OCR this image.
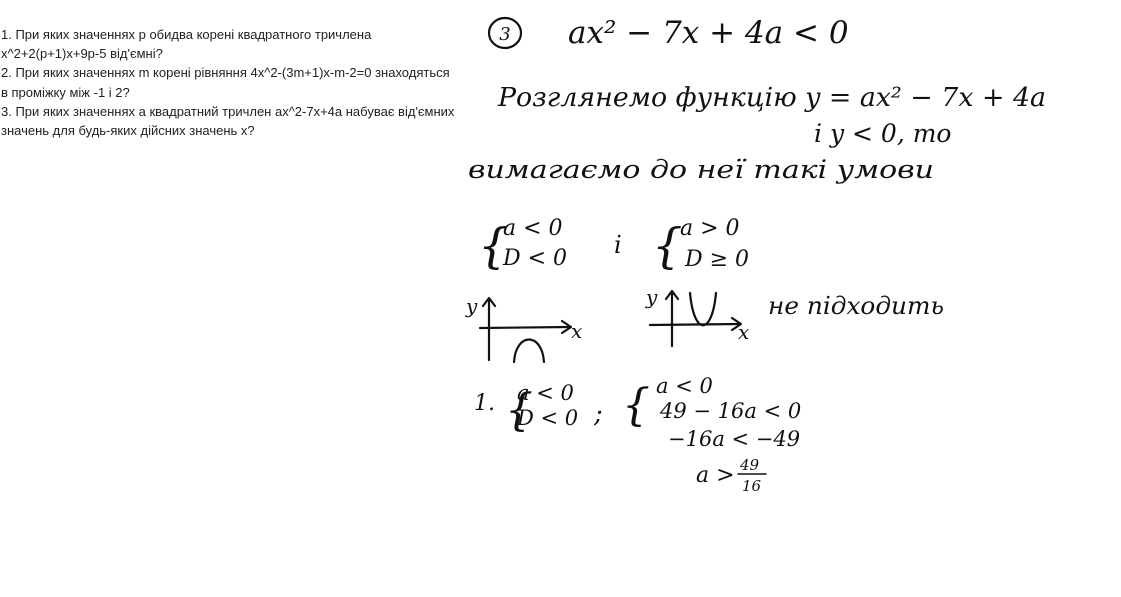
1. При яких значеннях p обидва корені квадратного тричлена x^2+2(p+1)x+9p-5 від'ємні?

2. При яких значеннях m корені рівняння 4x^2-(3m+1)x-m-2=0 знаходяться в проміжку між -1 і 2?

3. При яких значеннях a квадратний тричлен ax^2-7x+4a набуває від'ємних значень для будь-яких дійсних значень x?

3 ax² − 7x + 4a < 0
Розглянемо функцію y = ax² − 7x + 4a
і y < 0, то
вимагаємо до неї такі умови
{
a < 0
D < 0 і {
a > 0
D ≥ 0
y
x
y
x
не підходить
1. {
a < 0
D < 0 ; { a < 0
49 − 16a < 0
−16a < −49
a > 49
16
